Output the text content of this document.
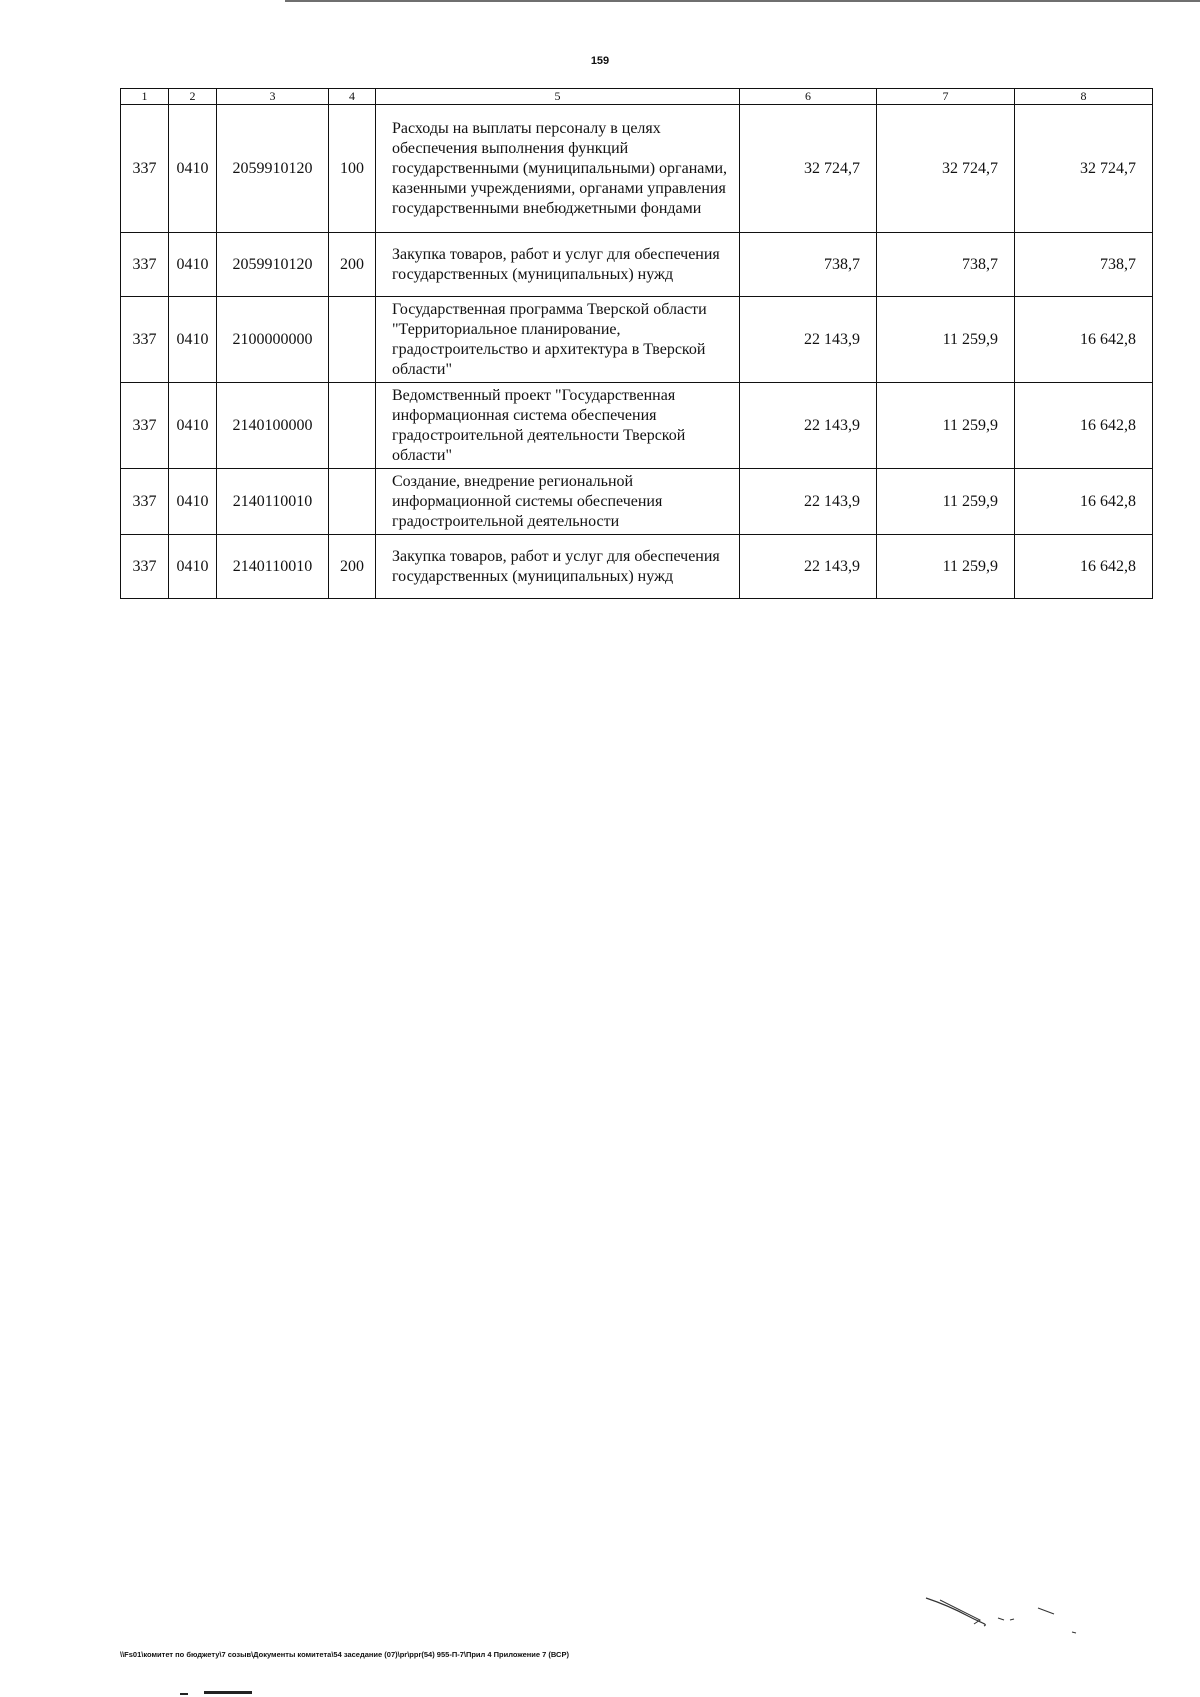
159
1	2	3	4	5	6	7	8
337	0410	2059910120	100	Расходы на выплаты персоналу в целях обеспечения выполнения функций государственными (муниципальными) органами, казенными учреждениями, органами управления государственными внебюджетными фондами	32 724,7	32 724,7	32 724,7
337	0410	2059910120	200	Закупка товаров, работ и услуг для обеспечения государственных (муниципальных) нужд	738,7	738,7	738,7
337	0410	2100000000		Государственная программа Тверской области "Территориальное планирование, градостроительство и архитектура в Тверской области"	22 143,9	11 259,9	16 642,8
337	0410	2140100000		Ведомственный проект "Государственная информационная система обеспечения градостроительной деятельности Тверской области"	22 143,9	11 259,9	16 642,8
337	0410	2140110010		Создание, внедрение региональной информационной системы обеспечения градостроительной деятельности	22 143,9	11 259,9	16 642,8
337	0410	2140110010	200	Закупка товаров, работ и услуг для обеспечения государственных (муниципальных) нужд	22 143,9	11 259,9	16 642,8
\\Fs01\комитет по бюджету\7 созыв\Документы комитета\54 заседание (07)\pr\ppr(54) 955-П-7\Прил 4 Приложение 7 (ВСР)
